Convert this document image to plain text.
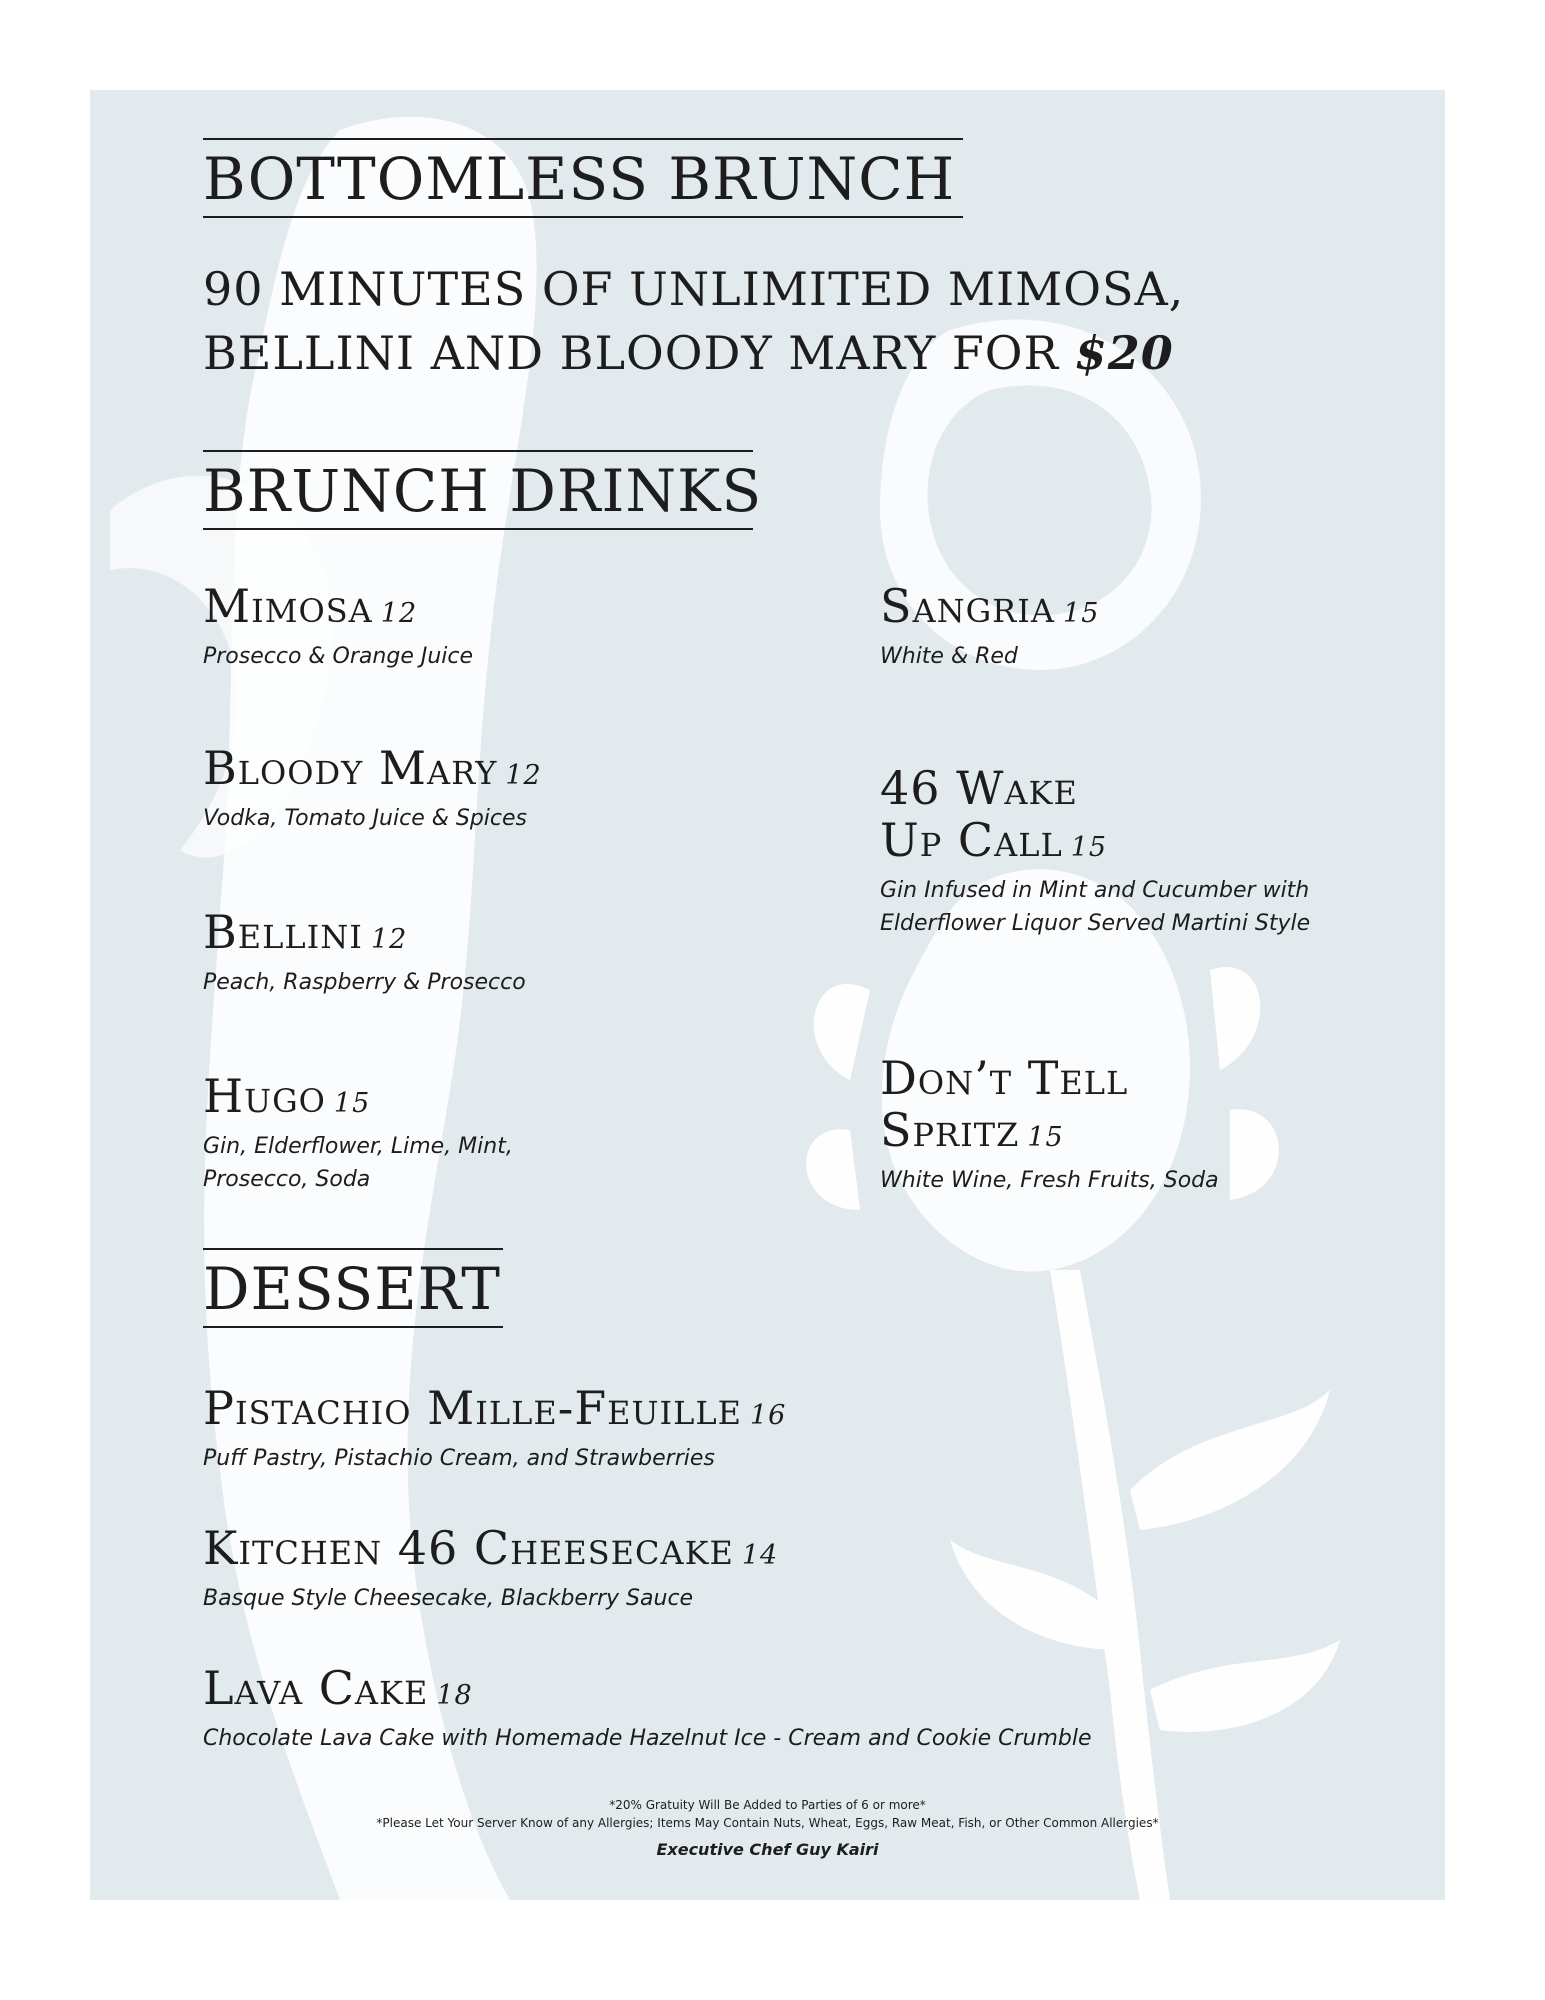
BOTTOMLESS BRUNCH
90 MINUTES OF UNLIMITED MIMOSA,
BELLINI AND BLOODY MARY FOR $20
BRUNCH DRINKS
Mimosa 12
Prosecco & Orange Juice
Bloody Mary 12
Vodka, Tomato Juice & Spices
Bellini 12
Peach, Raspberry & Prosecco
Hugo 15
Gin, Elderflower, Lime, Mint,
Prosecco, Soda
Sangria 15
White & Red
46 Wake
Up Call 15
Gin Infused in Mint and Cucumber with
Elderflower Liquor Served Martini Style
Don’t Tell
Spritz 15
White Wine, Fresh Fruits, Soda
DESSERT
Pistachio Mille-Feuille 16
Puff Pastry, Pistachio Cream, and Strawberries
Kitchen 46 Cheesecake 14
Basque Style Cheesecake, Blackberry Sauce
Lava Cake 18
Chocolate Lava Cake with Homemade Hazelnut Ice - Cream and Cookie Crumble
*20% Gratuity Will Be Added to Parties of 6 or more*
*Please Let Your Server Know of any Allergies; Items May Contain Nuts, Wheat, Eggs, Raw Meat, Fish, or Other Common Allergies*
Executive Chef Guy Kairi
